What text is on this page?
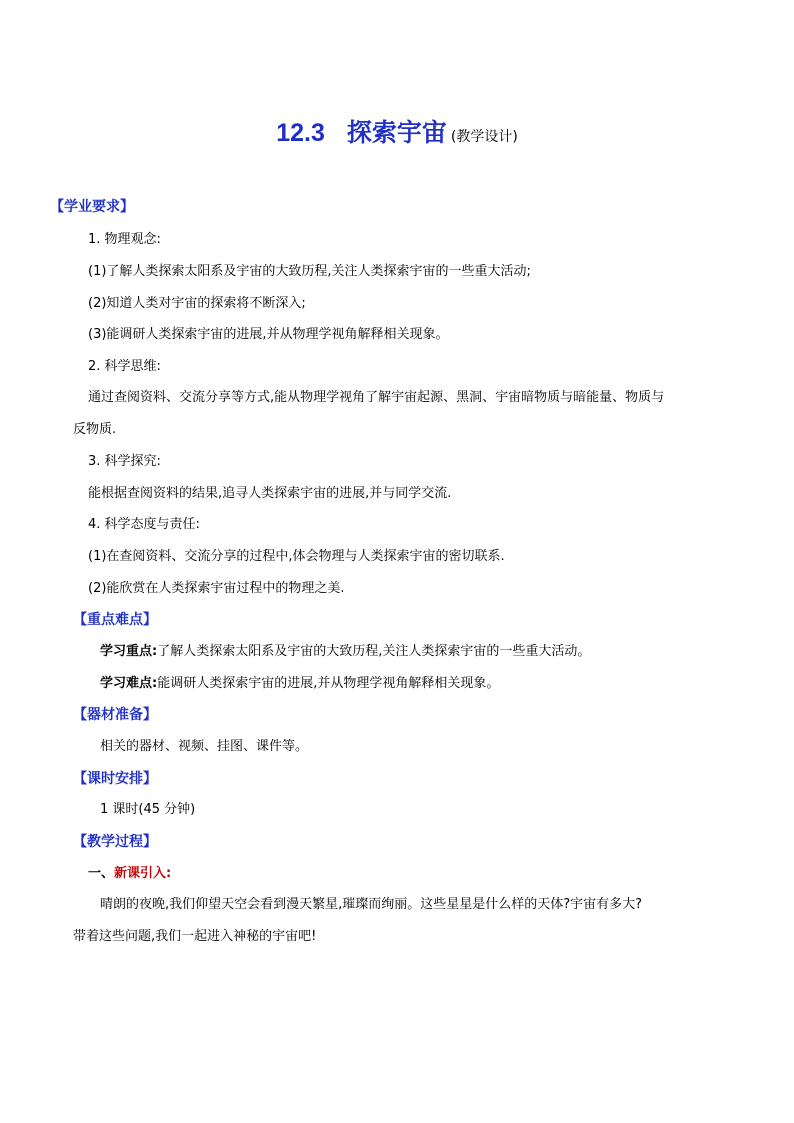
12.3 探索宇宙 (教学设计)
【学业要求】
1. 物理观念:
(1)了解人类探索太阳系及宇宙的大致历程,关注人类探索宇宙的一些重大活动;
(2)知道人类对宇宙的探索将不断深入;
(3)能调研人类探索宇宙的进展,并从物理学视角解释相关现象。
2. 科学思维:
通过查阅资料、交流分享等方式,能从物理学视角了解宇宙起源、黑洞、宇宙暗物质与暗能量、物质与
反物质.
3. 科学探究:
能根据查阅资料的结果,追寻人类探索宇宙的进展,并与同学交流.
4. 科学态度与责任:
(1)在查阅资料、交流分享的过程中,体会物理与人类探索宇宙的密切联系.
(2)能欣赏在人类探索宇宙过程中的物理之美.
【重点难点】
学习重点:了解人类探索太阳系及宇宙的大致历程,关注人类探索宇宙的一些重大活动。
学习难点:能调研人类探索宇宙的进展,并从物理学视角解释相关现象。
【器材准备】
相关的器材、视频、挂图、课件等。
【课时安排】
1 课时(45 分钟)
【教学过程】
一、新课引入:
晴朗的夜晚,我们仰望天空会看到漫天繁星,璀璨而绚丽。这些星星是什么样的天体?宇宙有多大?
带着这些问题,我们一起进入神秘的宇宙吧!
